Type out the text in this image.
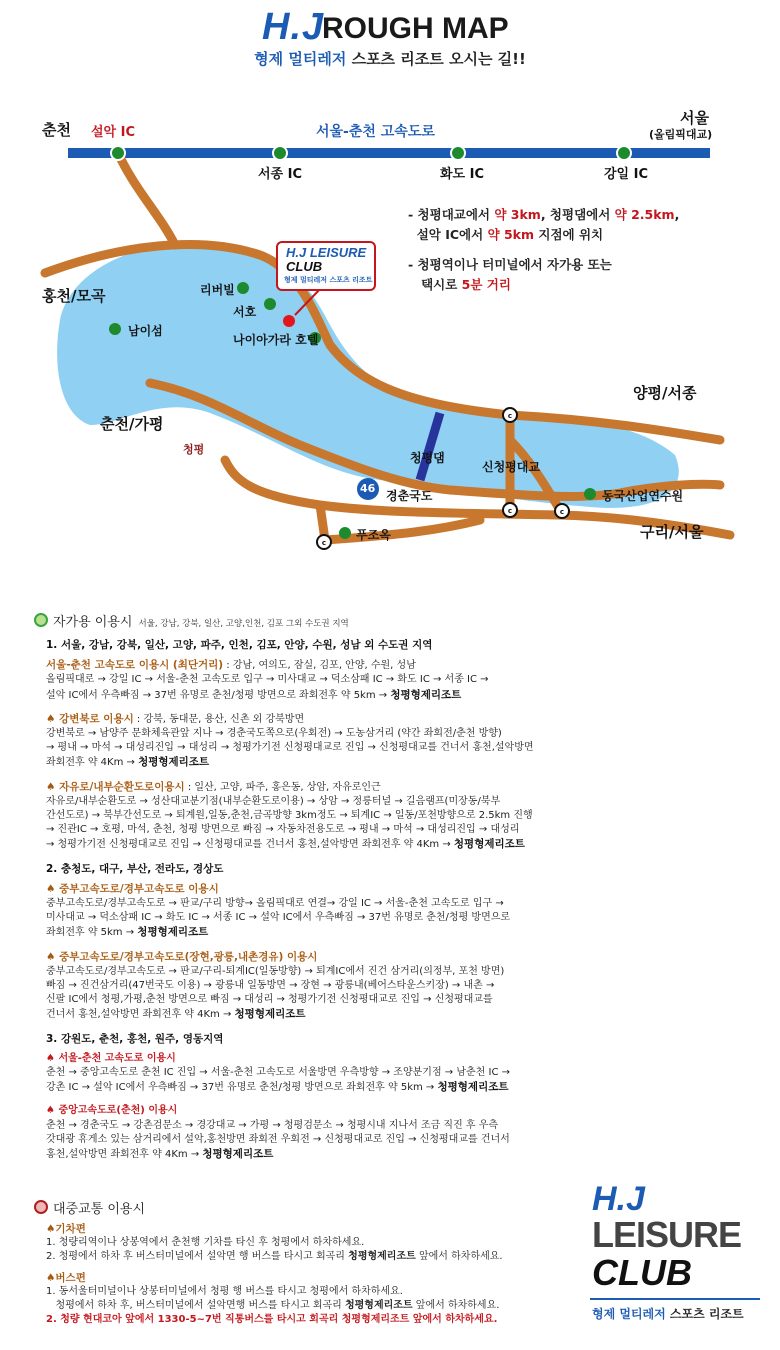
H.J
ROUGH MAP
형제 멀티레저 스포츠 리조트 오시는 길!!
c
c	c
c
서울-춘천 고속도로
춘천 설악 IC
서울
(올림픽대교)
서종 IC	화도 IC	강일 IC
홍천/모곡	리버빌
서호
나이아가라 호텔
남이섬
양평/서종
춘천/가평
청평
청평댐
신청평대교
46
경춘국도	동국산업연수원
푸조옥	구리/서울
H.J LEISURE
CLUB
형제 멀티레저 스포츠 리조트

- 청평대교에서 약 3km, 청평댐에서 약 2.5km,
설악 IC에서 약 5km 지점에 위치

- 청평역이나 터미널에서 자가용 또는
택시로 5분 거리

자가용 이용시 서울, 강남, 강북, 일산, 고양,인천, 김포 그외 수도권 지역
1. 서울, 강남, 강북, 일산, 고양, 파주, 인천, 김포, 안양, 수원, 성남 외 수도권 지역
서울-춘천 고속도로 이용시 (최단거리) : 강남, 여의도, 잠실, 김포, 안양, 수원, 성남
올림픽대로 → 강일 IC → 서울-춘천 고속도로 입구 → 미사대교 → 덕소삼패 IC → 화도 IC → 서종 IC →
설악 IC에서 우측빠짐 → 37번 유명로 춘천/청평 방면으로 좌회전후 약 5km → 청평형제리조트
♠ 강변북로 이용시 : 강북, 동대문, 용산, 신촌 외 강북방면
강변북로 → 남양주 문화체육관앞 지나 → 경춘국도쪽으로(우회전) → 도농삼거리 (약간 좌회전/춘천 방향)
→ 평내 → 마석 → 대성리진입 → 대성리 → 청평가기전 신청평대교로 진입 → 신청평대교를 건너서 홍천,설악방면
좌회전후 약 4Km → 청평형제리조트
♠ 자유로/내부순환도로이용시 : 일산, 고양, 파주, 홍은동, 상암, 자유로인근
자유로/내부순환도로 → 성산대교분기점(내부순환도로이용) → 상암 → 정릉터널 → 길음램프(미장동/북부
간선도로) → 북부간선도로 → 퇴계원,일동,춘천,금곡방향 3km정도 → 퇴계IC → 일동/포천방향으로 2.5km 진행
→ 진관IC → 호평, 마석, 춘천, 청평 방면으로 빠짐 → 자동차전용도로 → 평내 → 마석 → 대성리진입 → 대성리
→ 청평가기전 신청평대교로 진입 → 신청평대교를 건너서 홍천,설악방면 좌회전후 약 4Km → 청평형제리조트
2. 충청도, 대구, 부산, 전라도, 경상도
♠ 중부고속도로/경부고속도로 이용시
중부고속도로/경부고속도로 → 판교/구리 방향→ 올림픽대로 연결→ 강일 IC → 서울-춘천 고속도로 입구 →
미사대교 → 덕소삼패 IC → 화도 IC → 서종 IC → 설악 IC에서 우측빠짐 → 37번 유명로 춘천/청평 방면으로
좌회전후 약 5km → 청평형제리조트
♠ 중부고속도로/경부고속도로(장현,광릉,내촌경유) 이용시
중부고속도로/경부고속도로 → 판교/구리-퇴계IC(일동방향) → 퇴계IC에서 진건 삼거리(의정부, 포천 방면)
빠짐 → 진건삼거리(47번국도 이용) → 광릉내 일동방면 → 장현 → 광릉내(베어스타운스키장) → 내촌 →
신팔 IC에서 청평,가평,춘천 방면으로 빠짐 → 대성리 → 청평가기전 신청평대교로 진입 → 신청평대교를
건너서 홍천,설악방면 좌회전후 약 4Km → 청평형제리조트
3. 강원도, 춘천, 홍천, 원주, 영동지역
♠ 서울-춘천 고속도로 이용시
춘천 → 중앙고속도로 춘천 IC 진입 → 서울-춘천 고속도로 서울방면 우측방향 → 조양분기점 → 남춘천 IC →
강촌 IC → 설악 IC에서 우측빠짐 → 37번 유명로 춘천/청평 방면으로 좌회전후 약 5km → 청평형제리조트
♠ 중앙고속도로(춘천) 이용시
춘천 → 경춘국도 → 강촌검문소 → 경강대교 → 가평 → 청평검문소 → 청평시내 지나서 조금 직진 후 우측
갓대광 휴게소 있는 삼거리에서 설악,홍천방면 좌회전 우회전 → 신청평대교로 진입 → 신청평대교를 건너서
홍천,설악방면 좌회전후 약 4Km → 청평형제리조트
대중교통 이용시
♠기차편
1. 청량리역이나 상봉역에서 춘천행 기차를 타신 후 청평에서 하차하세요.
2. 청평에서 하차 후 버스터미널에서 설악면 행 버스를 타시고 회곡리 청평형제리조트 앞에서 하차하세요.
♠버스편
1. 동서울터미널이나 상봉터미널에서 청평 행 버스를 타시고 청평에서 하차하세요.
청평에서 하차 후, 버스터미널에서 설악면행 버스를 타시고 회곡리 청평형제리조트 앞에서 하차하세요.
2. 청량 현대코아 앞에서 1330-5~7번 직통버스를 타시고 회곡리 청평형제리조트 앞에서 하차하세요.
H.J
LEISURE
CLUB
형제 멀티레저 스포츠 리조트
